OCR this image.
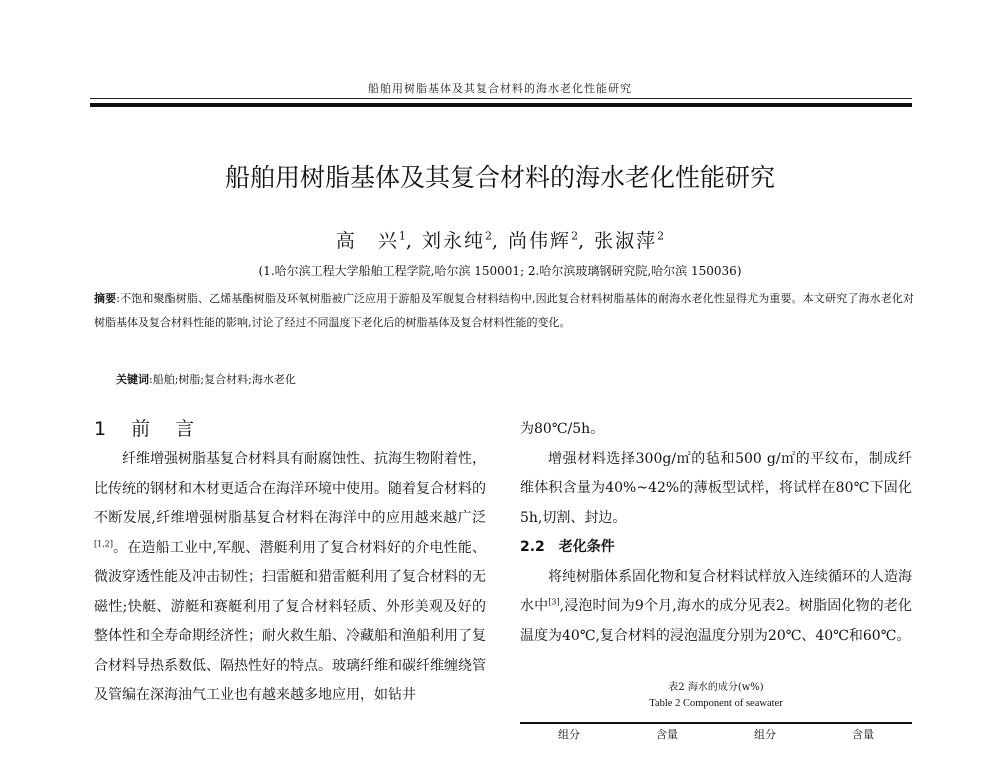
船舶用树脂基体及其复合材料的海水老化性能研究
船舶用树脂基体及其复合材料的海水老化性能研究
高　兴$^1$, 刘永纯$^2$, 尚伟辉$^2$, 张淑萍$^2$
(1.哈尔滨工程大学船舶工程学院,哈尔滨 150001; 2.哈尔滨玻璃钢研究院,哈尔滨 150036)
摘要:不饱和聚酯树脂、乙烯基酯树脂及环氧树脂被广泛应用于游船及军舰复合材料结构中,因此复合材料树脂基体的耐海水老化性显得尤为重要。本文研究了海水老化对树脂基体及复合材料性能的影响,讨论了经过不同温度下老化后的树脂基体及复合材料性能的变化。
关键词:船舶;树脂;复合材料;海水老化
1　前　言

纤维增强树脂基复合材料具有耐腐蚀性、抗海生物附着性，比传统的钢材和木材更适合在海洋环境中使用。随着复合材料的不断发展,纤维增强树脂基复合材料在海洋中的应用越来越广泛[1,2]。在造船工业中,军舰、潜艇利用了复合材料好的介电性能、微波穿透性能及冲击韧性；扫雷艇和猎雷艇利用了复合材料的无磁性;快艇、游艇和赛艇利用了复合材料轻质、外形美观及好的整体性和全寿命期经济性；耐火救生船、冷藏船和渔船利用了复合材料导热系数低、隔热性好的特点。玻璃纤维和碳纤维缠绕管及管编在深海油气工业也有越来越多地应用，如钻井

为80℃/5h。

增强材料选择300g/㎡的毡和500 g/㎡的平纹布，制成纤维体积含量为40%~42%的薄板型试样，将试样在80℃下固化5h,切割、封边。

2.2　老化条件

将纯树脂体系固化物和复合材料试样放入连续循环的人造海水中[3],浸泡时间为9个月,海水的成分见表2。树脂固化物的老化温度为40℃,复合材料的浸泡温度分别为20℃、40℃和60℃。

表2 海水的成分(w%)
Table 2 Component of seawater
组分	含量	组分	含量
